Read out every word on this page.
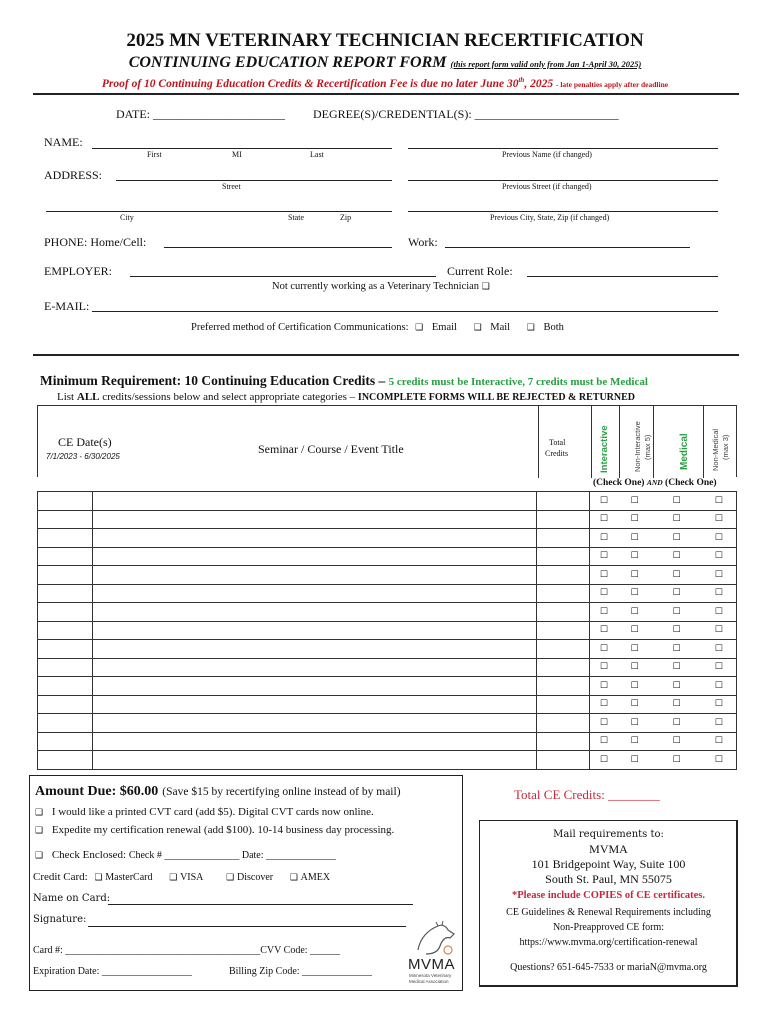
2025 MN VETERINARY TECHNICIAN RECERTIFICATION
CONTINUING EDUCATION REPORT FORM (this report form valid only from Jan 1-April 30, 2025)
Proof of 10 Continuing Education Credits & Recertification Fee is due no later June 30th, 2025 - late penalties apply after deadline
DATE: ______________________ DEGREE(S)/CREDENTIAL(S): ________________________
NAME:
First	MI	Last	Previous Name (if changed)
ADDRESS:
Street	Previous Street (if changed)
City	State	Zip	Previous City, State, Zip (if changed)
PHONE: Home/Cell:	Work:
EMPLOYER:	Current Role:
Not currently working as a Veterinary Technician ❑
E-MAIL:
Preferred method of Certification Communications: ❑ Email ❑ Mail ❑ Both
Minimum Requirement: 10 Continuing Education Credits – 5 credits must be Interactive, 7 credits must be Medical
List ALL credits/sessions below and select appropriate categories – INCOMPLETE FORMS WILL BE REJECTED & RETURNED
CE Date(s)
7/1/2023 - 6/30/2025
Seminar / Course / Event Title	Total
Credits	Interactive	Non-Interactive (max 5)	Medical	Non-Medical (max 3)
(Check One) AND (Check One)
			☐	☐	☐	☐
			☐	☐	☐	☐
			☐	☐	☐	☐
			☐	☐	☐	☐
			☐	☐	☐	☐
			☐	☐	☐	☐
			☐	☐	☐	☐
			☐	☐	☐	☐
			☐	☐	☐	☐
			☐	☐	☐	☐
			☐	☐	☐	☐
			☐	☐	☐	☐
			☐	☐	☐	☐
			☐	☐	☐	☐
			☐	☐	☐	☐
Amount Due: $60.00 (Save $15 by recertifying online instead of by mail)
❑ I would like a printed CVT card (add $5). Digital CVT cards now online.
❑ Expedite my certification renewal (add $100). 10-14 business day processing.
❑ Check Enclosed: Check # _______________ Date: ______________
Credit Card: ❑ MasterCard ❑ VISA	❑ Discover ❑ AMEX
Name on Card:
Signature:
Card #: _______________________________________CVV Code: ______
Expiration Date: __________________	Billing Zip Code: ______________ MVMA
Minnesota Veterinary
Medical Association
Total CE Credits: ________
Mail requirements to:
MVMA
101 Bridgepoint Way, Suite 100
South St. Paul, MN 55075
*Please include COPIES of CE certificates.
CE Guidelines & Renewal Requirements including
Non-Preapproved CE form:
https://www.mvma.org/certification-renewal
Questions? 651-645-7533 or mariaN@mvma.org
